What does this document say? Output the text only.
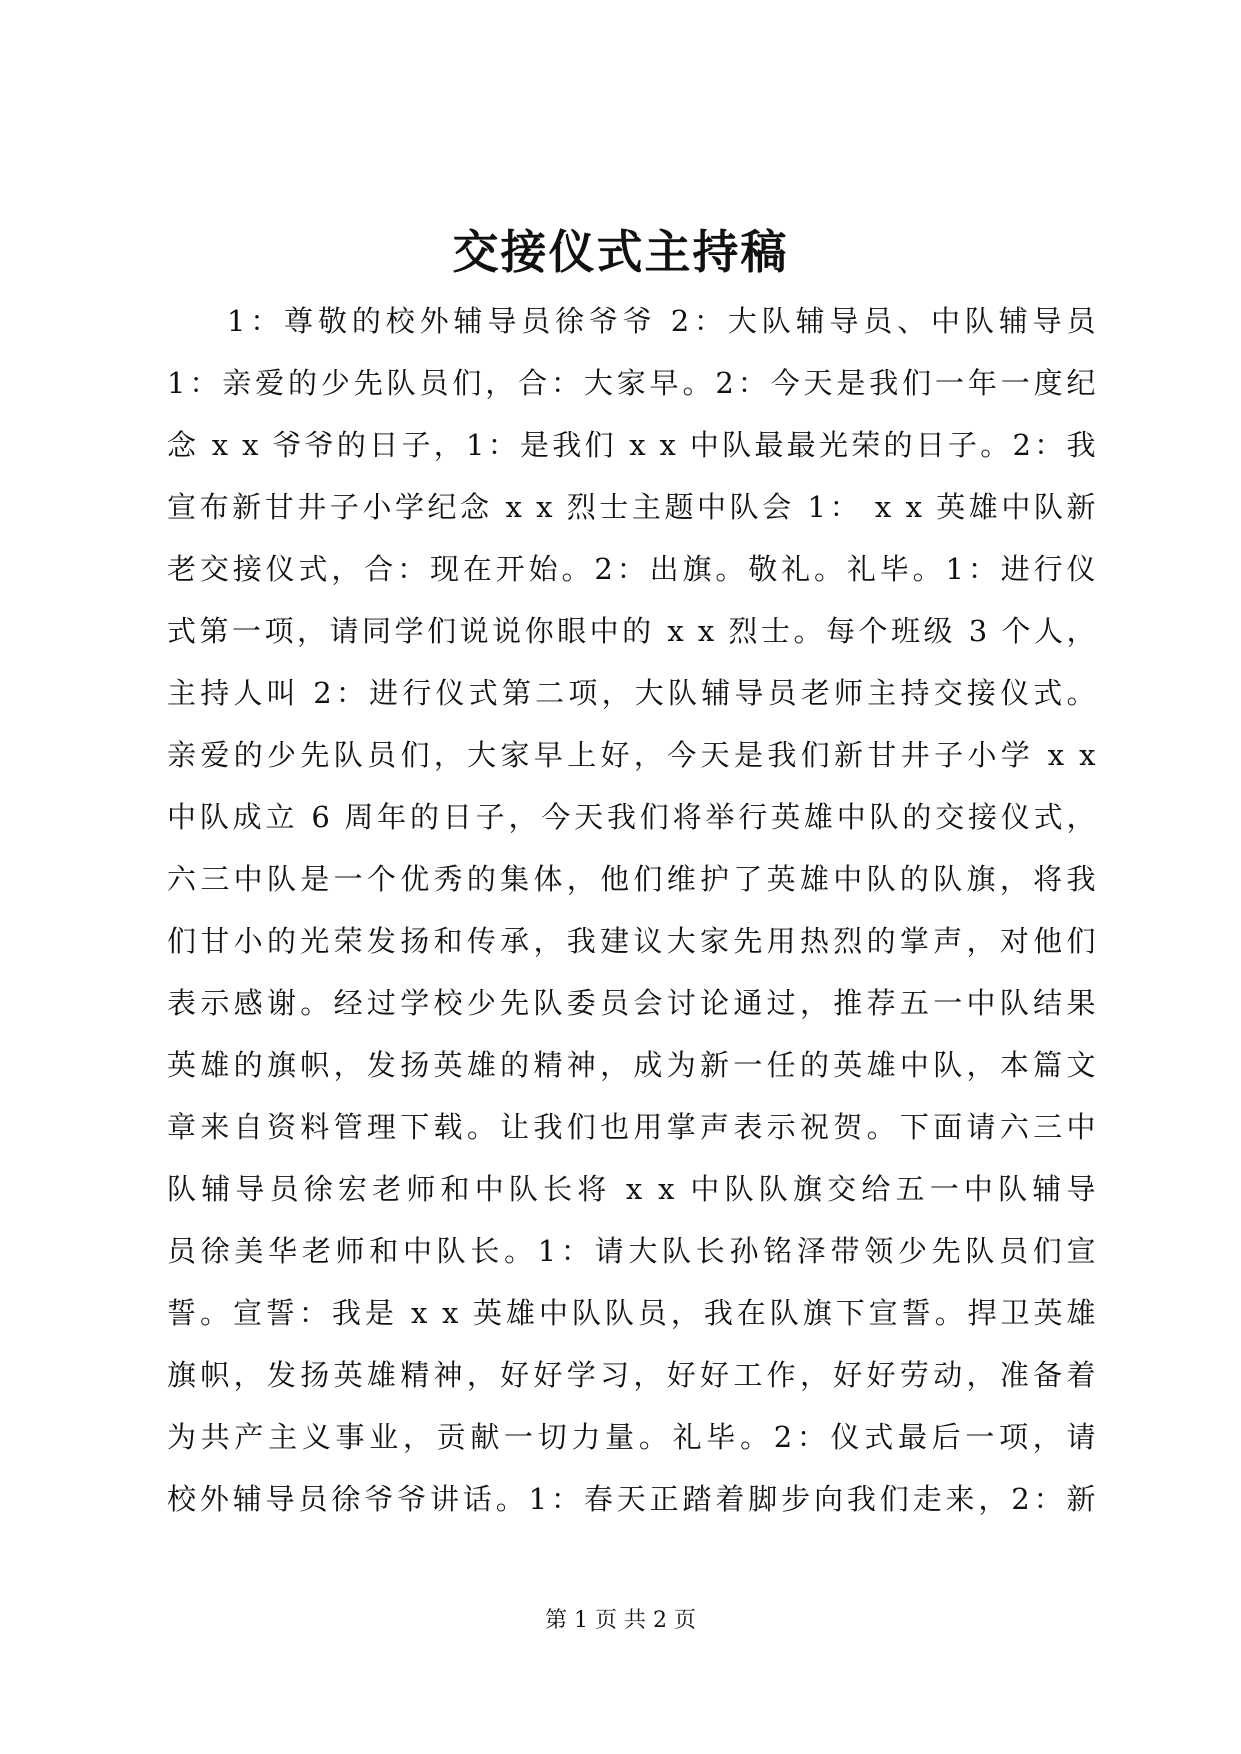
交接仪式主持稿
1：尊敬的校外辅导员徐爷爷 2：大队辅导员、中队辅导员
1：亲爱的少先队员们，合：大家早。2：今天是我们一年一度纪
念 x x 爷爷的日子，1：是我们 x x 中队最最光荣的日子。2：我
宣布新甘井子小学纪念 x x 烈士主题中队会 1： x x 英雄中队新
老交接仪式，合：现在开始。2：出旗。敬礼。礼毕。1：进行仪
式第一项，请同学们说说你眼中的 x x 烈士。每个班级 3 个人，
主持人叫 2：进行仪式第二项，大队辅导员老师主持交接仪式。
亲爱的少先队员们，大家早上好，今天是我们新甘井子小学 x x
中队成立 6 周年的日子，今天我们将举行英雄中队的交接仪式，
六三中队是一个优秀的集体，他们维护了英雄中队的队旗，将我
们甘小的光荣发扬和传承，我建议大家先用热烈的掌声，对他们
表示感谢。经过学校少先队委员会讨论通过，推荐五一中队结果
英雄的旗帜，发扬英雄的精神，成为新一任的英雄中队，本篇文
章来自资料管理下载。让我们也用掌声表示祝贺。下面请六三中
队辅导员徐宏老师和中队长将 x x 中队队旗交给五一中队辅导
员徐美华老师和中队长。1：请大队长孙铭泽带领少先队员们宣
誓。宣誓：我是 x x 英雄中队队员，我在队旗下宣誓。捍卫英雄
旗帜，发扬英雄精神，好好学习，好好工作，好好劳动，准备着
为共产主义事业，贡献一切力量。礼毕。2：仪式最后一项，请
校外辅导员徐爷爷讲话。1：春天正踏着脚步向我们走来，2：新
第 1 页 共 2 页
